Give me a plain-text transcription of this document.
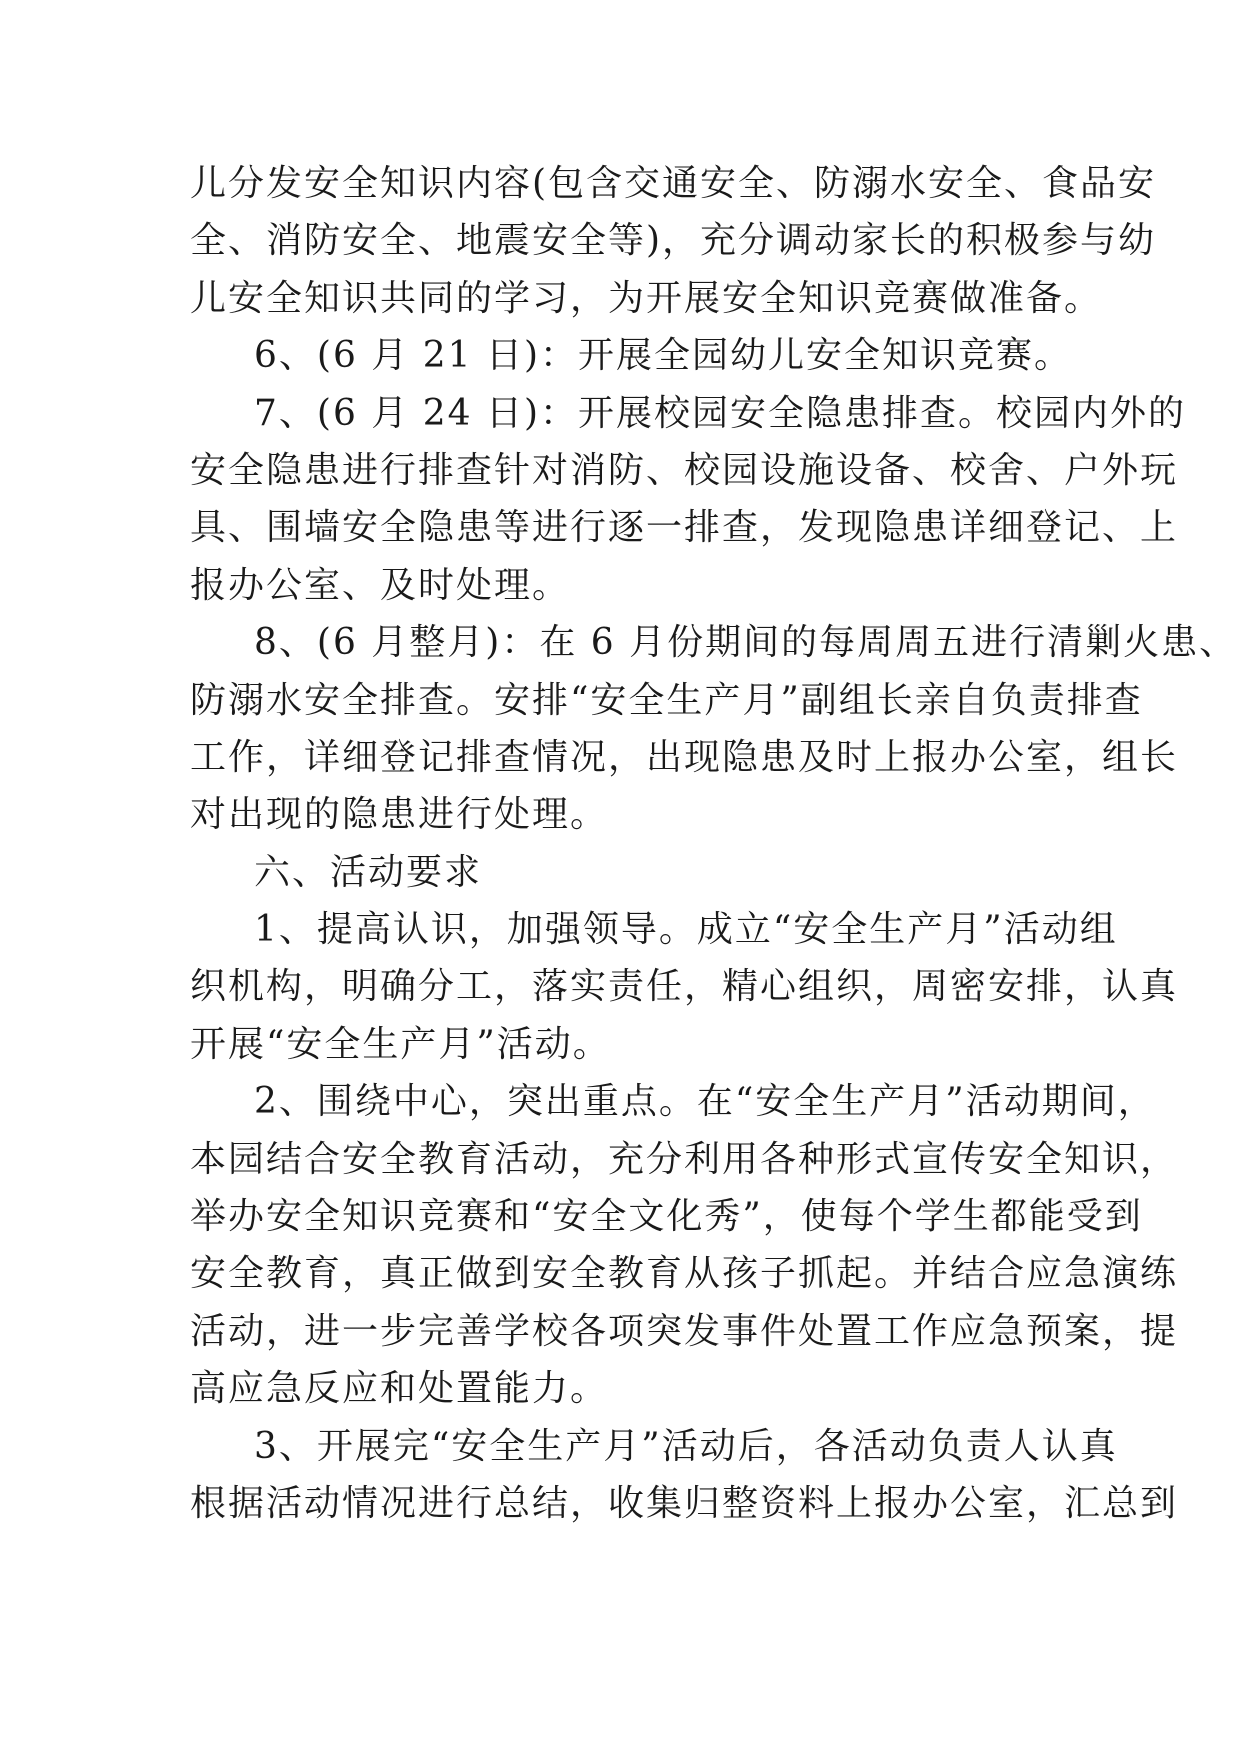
儿分发安全知识内容(包含交通安全、防溺水安全、食品安
全、消防安全、地震安全等)，充分调动家长的积极参与幼
儿安全知识共同的学习，为开展安全知识竞赛做准备。
6、(6 月 21 日)：开展全园幼儿安全知识竞赛。
7、(6 月 24 日)：开展校园安全隐患排查。校园内外的
安全隐患进行排查针对消防、校园设施设备、校舍、户外玩
具、围墙安全隐患等进行逐一排查，发现隐患详细登记、上
报办公室、及时处理。
8、(6 月整月)：在 6 月份期间的每周周五进行清剿火患、
防溺水安全排查。安排“安全生产月”副组长亲自负责排查
工作，详细登记排查情况，出现隐患及时上报办公室，组长
对出现的隐患进行处理。
六、活动要求
1、提高认识，加强领导。成立“安全生产月”活动组
织机构，明确分工，落实责任，精心组织，周密安排，认真
开展“安全生产月”活动。
2、围绕中心，突出重点。在“安全生产月”活动期间，
本园结合安全教育活动，充分利用各种形式宣传安全知识，
举办安全知识竞赛和“安全文化秀”，使每个学生都能受到
安全教育，真正做到安全教育从孩子抓起。并结合应急演练
活动，进一步完善学校各项突发事件处置工作应急预案，提
高应急反应和处置能力。
3、开展完“安全生产月”活动后，各活动负责人认真
根据活动情况进行总结，收集归整资料上报办公室，汇总到
